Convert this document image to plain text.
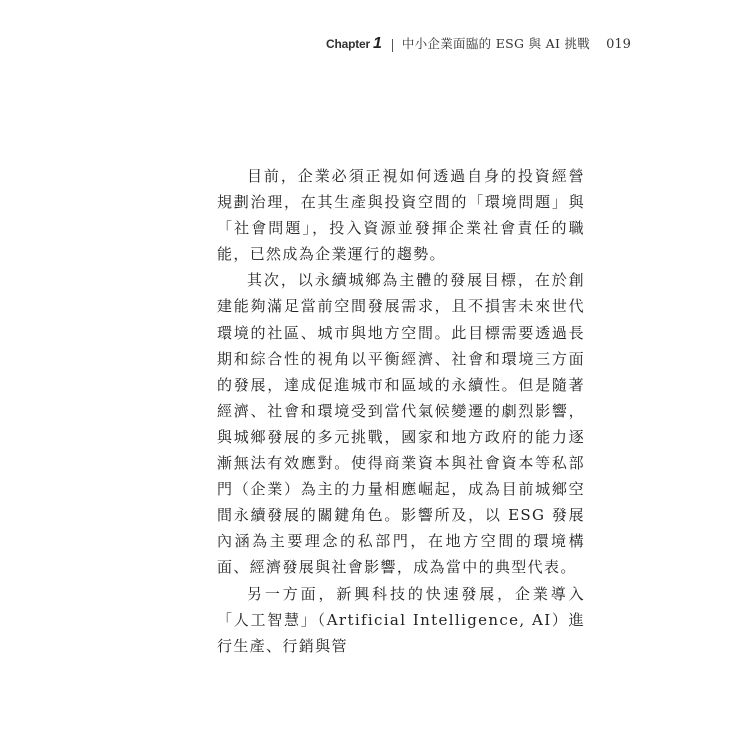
Chapter 1 中小企業面臨的 ESG 與 AI 挑戰 019

目前，企業必須正視如何透過自身的投資經營規劃治理，在其生產與投資空間的「環境問題」與「社會問題」，投入資源並發揮企業社會責任的職能，已然成為企業運行的趨勢。

其次，以永續城鄉為主體的發展目標，在於創建能夠滿足當前空間發展需求，且不損害未來世代環境的社區、城市與地方空間。此目標需要透過長期和綜合性的視角以平衡經濟、社會和環境三方面的發展，達成促進城市和區域的永續性。但是隨著經濟、社會和環境受到當代氣候變遷的劇烈影響，與城鄉發展的多元挑戰，國家和地方政府的能力逐漸無法有效應對。使得商業資本與社會資本等私部門（企業）為主的力量相應崛起，成為目前城鄉空間永續發展的關鍵角色。影響所及，以 ESG 發展內涵為主要理念的私部門，在地方空間的環境構面、經濟發展與社會影響，成為當中的典型代表。

另一方面，新興科技的快速發展，企業導入「人工智慧」（Artificial Intelligence, AI）進行生產、行銷與管
